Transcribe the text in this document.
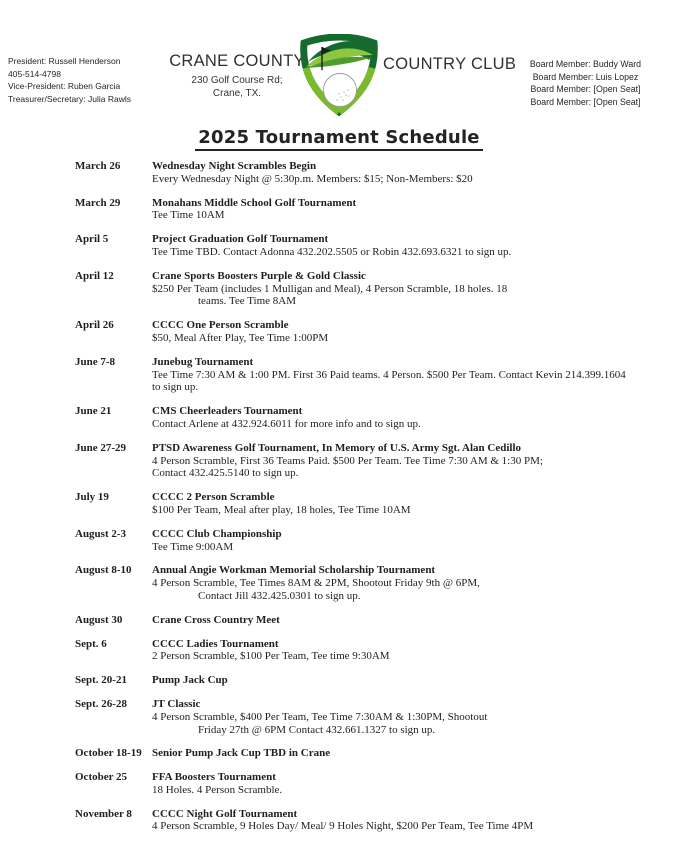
President: Russell Henderson
405-514-4798
Vice-President: Ruben Garcia
Treasurer/Secretary: Julia Rawls
CRANE COUNTY
230 Golf Course Rd;
Crane, TX.
COUNTRY CLUB	Board Member: Buddy Ward
Board Member: Luis Lopez
Board Member: [Open Seat]
Board Member: [Open Seat]
2025 Tournament Schedule
March 26	Wednesday Night Scrambles Begin
Every Wednesday Night @ 5:30p.m. Members: $15; Non-Members: $20
March 29	Monahans Middle School Golf Tournament
Tee Time 10AM
April 5	Project Graduation Golf Tournament
Tee Time TBD. Contact Adonna 432.202.5505 or Robin 432.693.6321 to sign up.
April 12	Crane Sports Boosters Purple & Gold Classic
$250 Per Team (includes 1 Mulligan and Meal), 4 Person Scramble, 18 holes. 18
teams. Tee Time 8AM
April 26	CCCC One Person Scramble
$50, Meal After Play, Tee Time 1:00PM
June 7-8	Junebug Tournament
Tee Time 7:30 AM & 1:00 PM. First 36 Paid teams. 4 Person. $500 Per Team. Contact Kevin 214.399.1604
to sign up.
June 21	CMS Cheerleaders Tournament
Contact Arlene at 432.924.6011 for more info and to sign up.
June 27-29	PTSD Awareness Golf Tournament, In Memory of U.S. Army Sgt. Alan Cedillo
4 Person Scramble, First 36 Teams Paid. $500 Per Team. Tee Time 7:30 AM & 1:30 PM;
Contact 432.425.5140 to sign up.
July 19	CCCC 2 Person Scramble
$100 Per Team, Meal after play, 18 holes, Tee Time 10AM
August 2-3	CCCC Club Championship
Tee Time 9:00AM
August 8-10	Annual Angie Workman Memorial Scholarship Tournament
4 Person Scramble, Tee Times 8AM & 2PM, Shootout Friday 9th @ 6PM,
Contact Jill 432.425.0301 to sign up.
August 30	Crane Cross Country Meet
Sept. 6	CCCC Ladies Tournament
2 Person Scramble, $100 Per Team, Tee time 9:30AM
Sept. 20-21	Pump Jack Cup
Sept. 26-28	JT Classic
4 Person Scramble, $400 Per Team, Tee Time 7:30AM & 1:30PM, Shootout
Friday 27th @ 6PM Contact 432.661.1327 to sign up.
October 18-19 Senior Pump Jack Cup TBD in Crane
October 25	FFA Boosters Tournament
18 Holes. 4 Person Scramble.
November 8	CCCC Night Golf Tournament
4 Person Scramble, 9 Holes Day/ Meal/ 9 Holes Night, $200 Per Team, Tee Time 4PM
